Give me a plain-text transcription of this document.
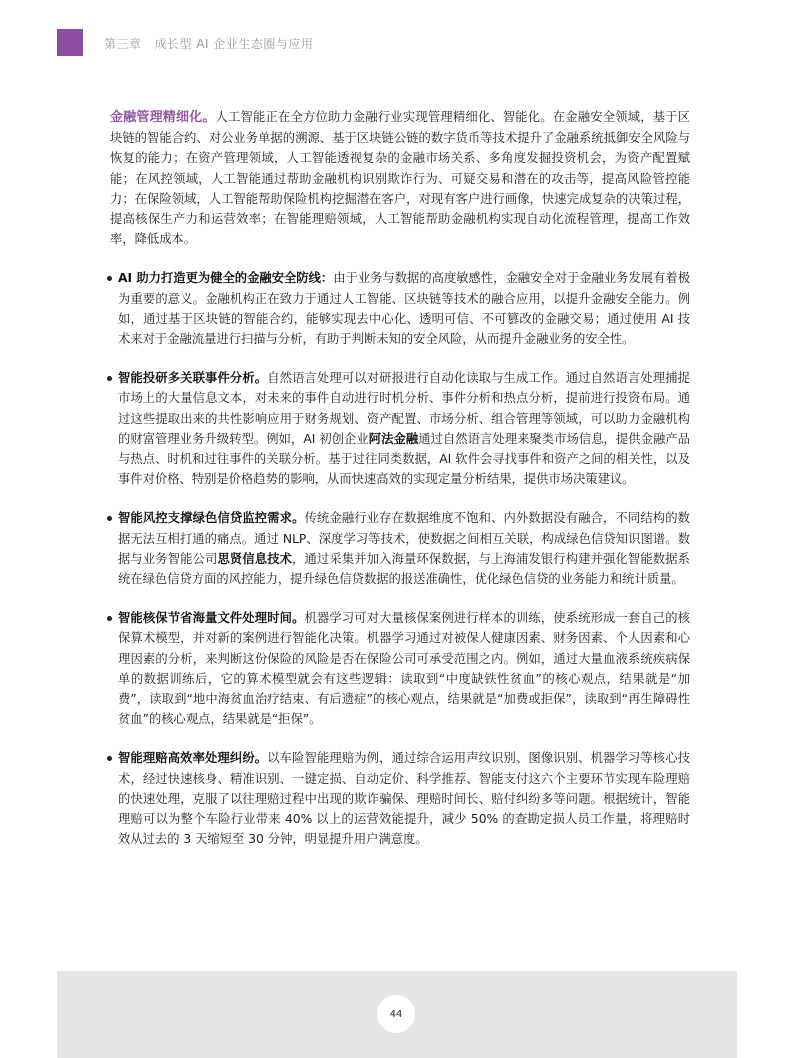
第三章 成长型 AI 企业生态圈与应用

金融管理精细化。人工智能正在全方位助力金融行业实现管理精细化、智能化。在金融安全领域，基于区块链的智能合约、对公业务单据的溯源、基于区块链公链的数字货币等技术提升了金融系统抵御安全风险与恢复的能力；在资产管理领域，人工智能透视复杂的金融市场关系、多角度发掘投资机会，为资产配置赋能；在风控领域，人工智能通过帮助金融机构识别欺诈行为、可疑交易和潜在的攻击等，提高风险管控能力；在保险领域，人工智能帮助保险机构挖掘潜在客户，对现有客户进行画像，快速完成复杂的决策过程，提高核保生产力和运营效率；在智能理赔领域，人工智能帮助金融机构实现自动化流程管理，提高工作效率，降低成本。

AI 助力打造更为健全的金融安全防线：由于业务与数据的高度敏感性，金融安全对于金融业务发展有着极为重要的意义。金融机构正在致力于通过人工智能、区块链等技术的融合应用，以提升金融安全能力。例如，通过基于区块链的智能合约，能够实现去中心化、透明可信、不可篡改的金融交易；通过使用 AI 技术来对于金融流量进行扫描与分析，有助于判断未知的安全风险，从而提升金融业务的安全性。

智能投研多关联事件分析。自然语言处理可以对研报进行自动化读取与生成工作。通过自然语言处理捕捉市场上的大量信息文本，对未来的事件自动进行时机分析、事件分析和热点分析，提前进行投资布局。通过这些提取出来的共性影响应用于财务规划、资产配置、市场分析、组合管理等领域，可以助力金融机构的财富管理业务升级转型。例如，AI 初创企业阿法金融通过自然语言处理来聚类市场信息，提供金融产品与热点、时机和过往事件的关联分析。基于过往同类数据，AI 软件会寻找事件和资产之间的相关性，以及事件对价格、特别是价格趋势的影响，从而快速高效的实现定量分析结果，提供市场决策建议。

智能风控支撑绿色信贷监控需求。传统金融行业存在数据维度不饱和、内外数据没有融合，不同结构的数据无法互相打通的痛点。通过 NLP、深度学习等技术，使数据之间相互关联，构成绿色信贷知识图谱。数据与业务智能公司思贤信息技术，通过采集并加入海量环保数据，与上海浦发银行构建并强化智能数据系统在绿色信贷方面的风控能力，提升绿色信贷数据的报送准确性，优化绿色信贷的业务能力和统计质量。

智能核保节省海量文件处理时间。机器学习可对大量核保案例进行样本的训练，使系统形成一套自己的核保算术模型，并对新的案例进行智能化决策。机器学习通过对被保人健康因素、财务因素、个人因素和心理因素的分析，来判断这份保险的风险是否在保险公司可承受范围之内。例如，通过大量血液系统疾病保单的数据训练后，它的算术模型就会有这些逻辑：读取到“中度缺铁性贫血”的核心观点，结果就是“加费”，读取到“地中海贫血治疗结束、有后遗症”的核心观点，结果就是“加费或拒保”，读取到“再生障碍性贫血”的核心观点，结果就是“拒保”。

智能理赔高效率处理纠纷。以车险智能理赔为例，通过综合运用声纹识别、图像识别、机器学习等核心技术，经过快速核身、精准识别、一键定损、自动定价、科学推荐、智能支付这六个主要环节实现车险理赔的快速处理，克服了以往理赔过程中出现的欺诈骗保、理赔时间长、赔付纠纷多等问题。根据统计，智能理赔可以为整个车险行业带来 40% 以上的运营效能提升，减少 50% 的查勘定损人员工作量，将理赔时效从过去的 3 天缩短至 30 分钟，明显提升用户满意度。

44
